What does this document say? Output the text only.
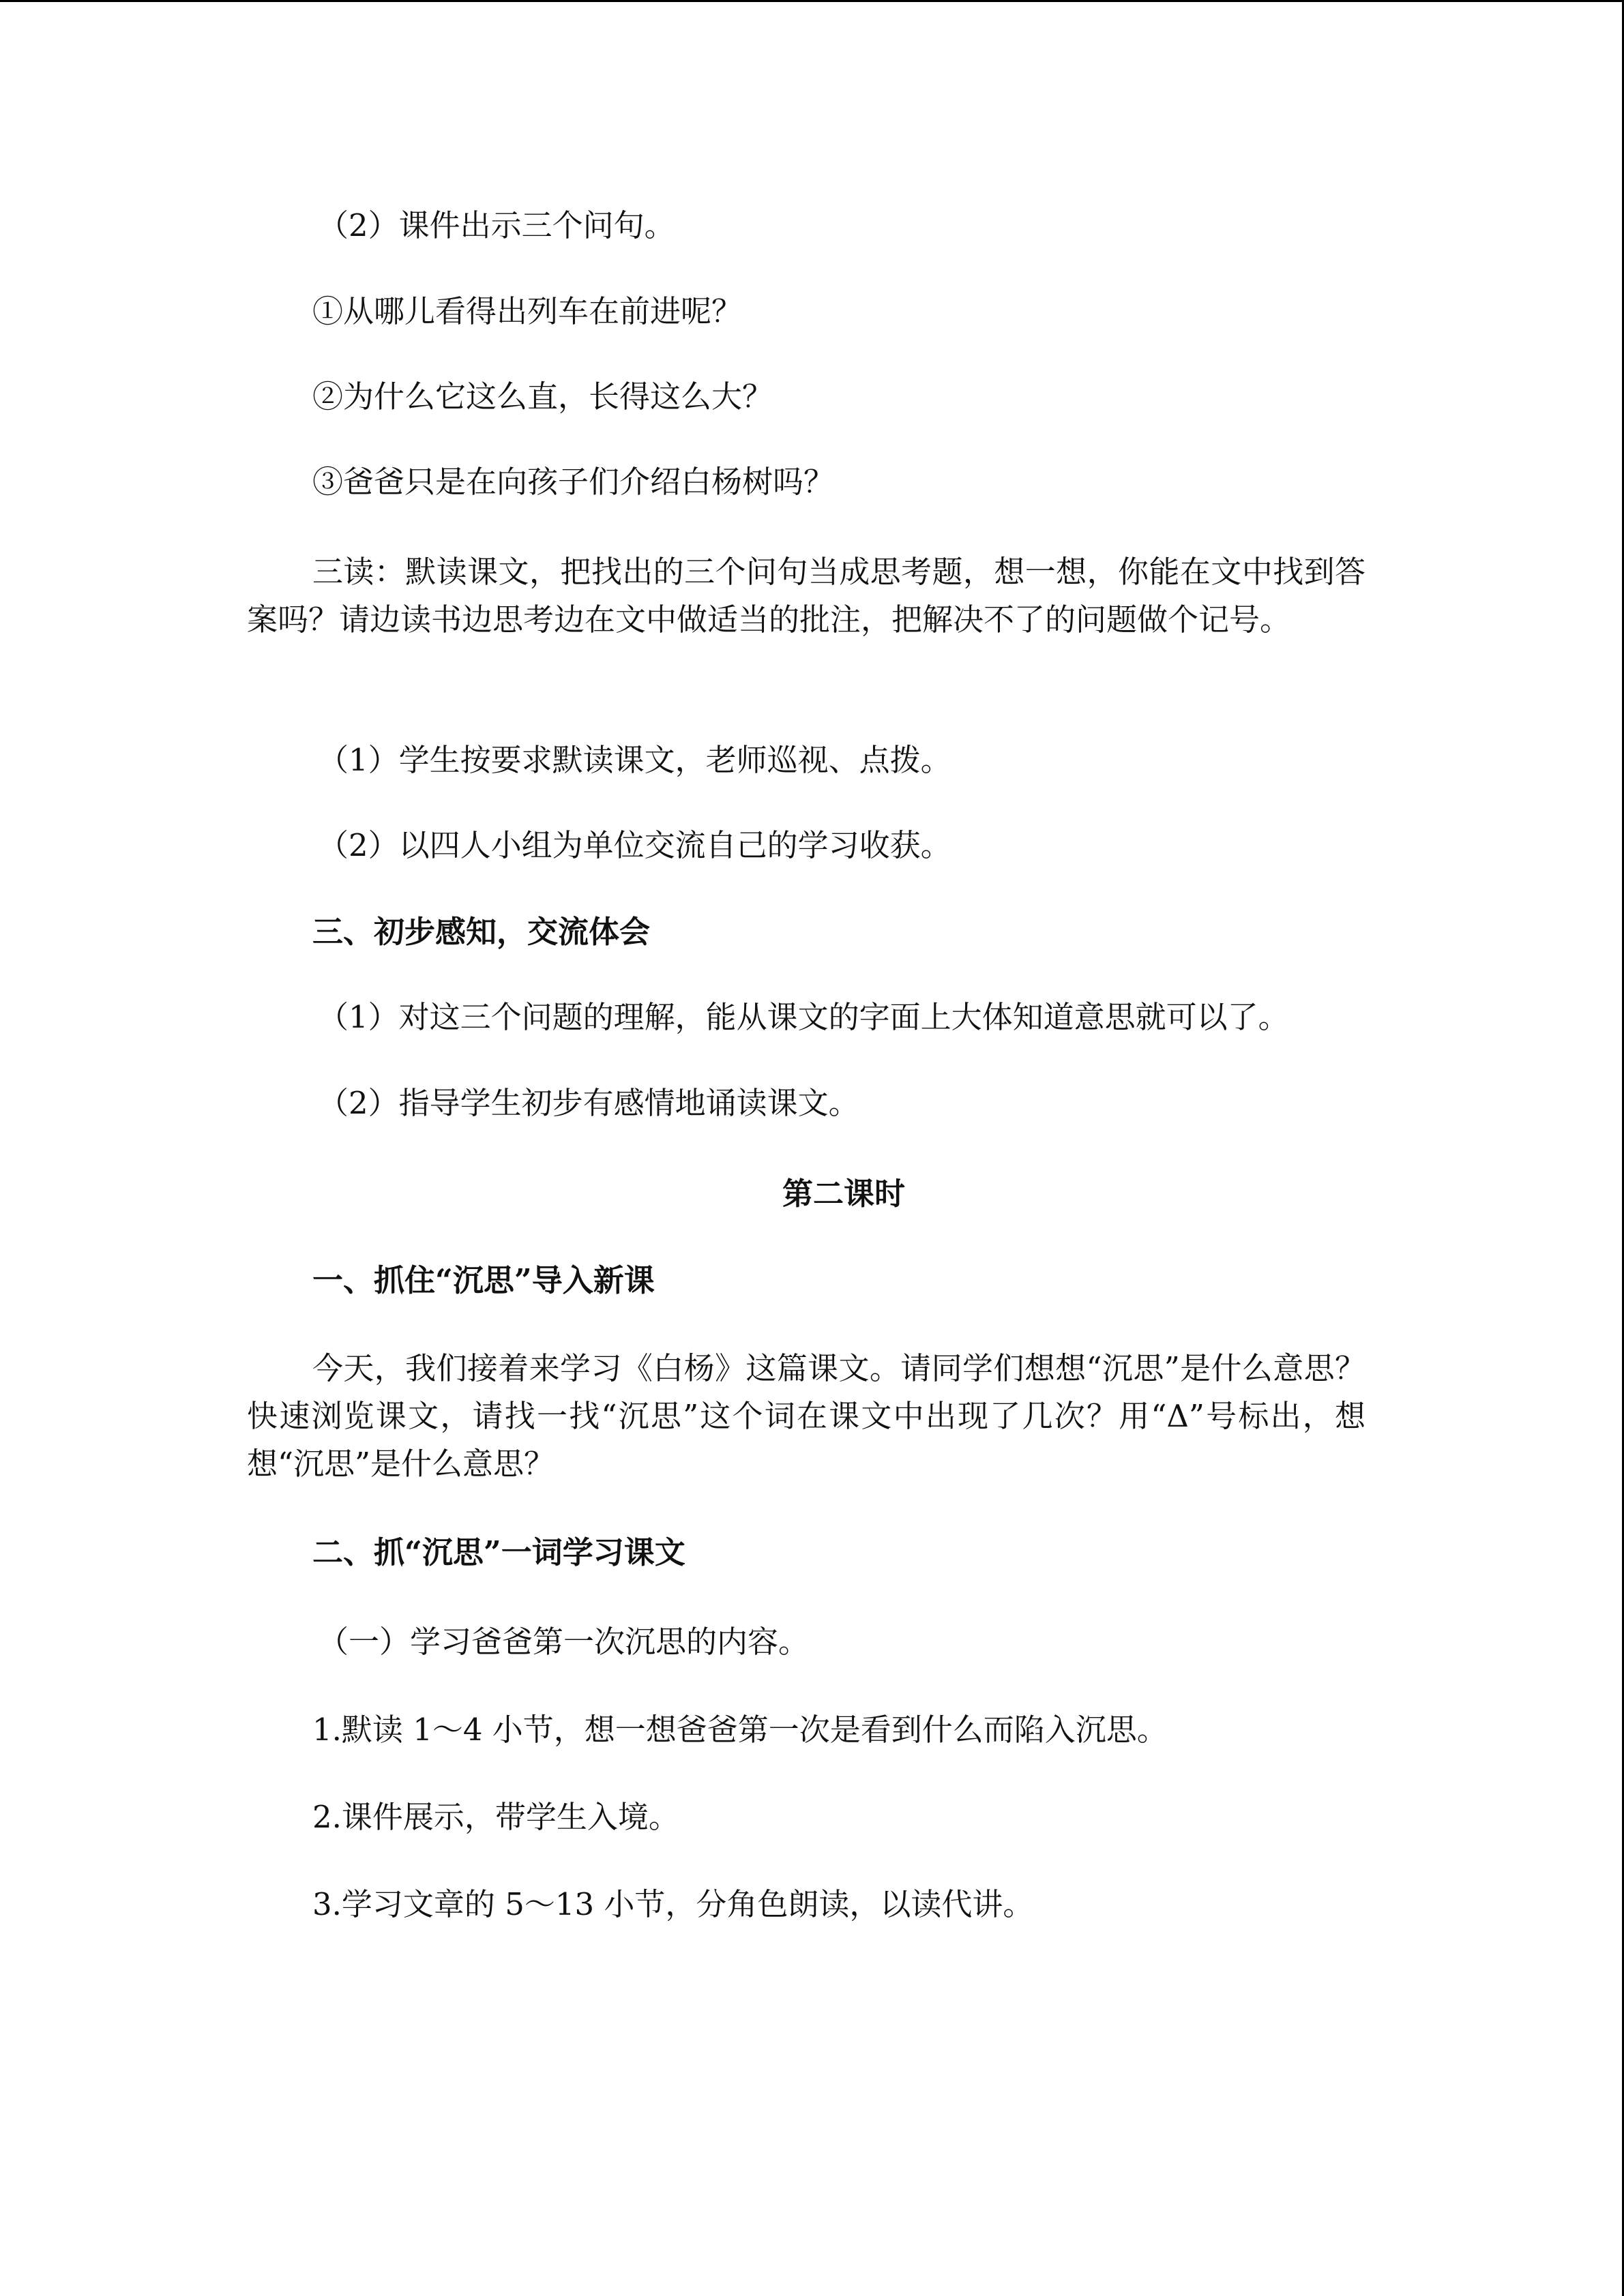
（2）课件出示三个问句。
①从哪儿看得出列车在前进呢？
②为什么它这么直，长得这么大？
③爸爸只是在向孩子们介绍白杨树吗？
三读：默读课文，把找出的三个问句当成思考题，想一想，你能在文中找到答案吗？请边读书边思考边在文中做适当的批注，把解决不了的问题做个记号。
（1）学生按要求默读课文，老师巡视、点拨。
（2）以四人小组为单位交流自己的学习收获。
三、初步感知，交流体会
（1）对这三个问题的理解，能从课文的字面上大体知道意思就可以了。
（2）指导学生初步有感情地诵读课文。
第二课时
一、抓住“沉思”导入新课
今天，我们接着来学习《白杨》这篇课文。请同学们想想“沉思”是什么意思？快速浏览课文，请找一找“沉思”这个词在课文中出现了几次？用“Δ”号标出，想想“沉思”是什么意思？
二、抓“沉思”一词学习课文
（一）学习爸爸第一次沉思的内容。
1.默读 1～4 小节，想一想爸爸第一次是看到什么而陷入沉思。
2.课件展示，带学生入境。
3.学习文章的 5～13 小节，分角色朗读，以读代讲。
